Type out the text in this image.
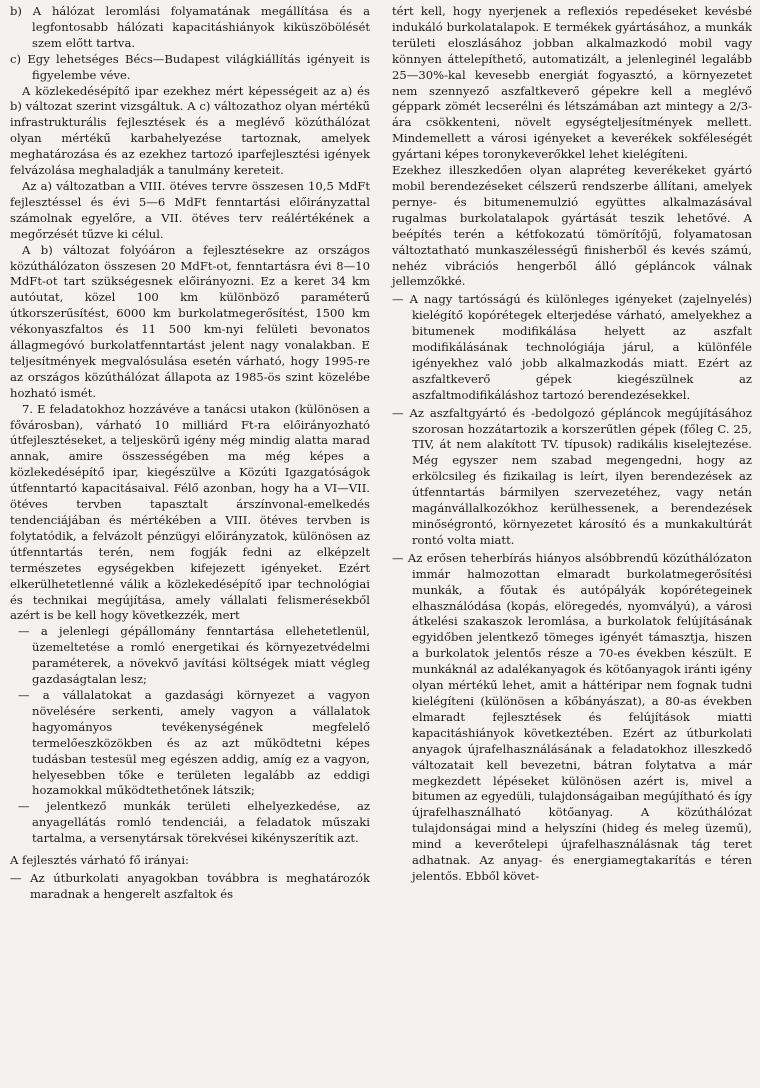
b) A hálózat leromlási folyamatának megállítása és a legfontosabb hálózati kapacitáshiányok kiküszöbölését szem előtt tartva.

c) Egy lehetséges Bécs—Budapest világkiállítás igényeit is figyelembe véve.

A közlekedésépítő ipar ezekhez mért képességeit az a) és b) változat szerint vizsgáltuk. A c) változathoz olyan mértékű infrastrukturális fejlesztések és a meglévő közúthálózat olyan mértékű karbahelyezése tartoznak, amelyek meghatározása és az ezekhez tartozó iparfejlesztési igények felvázolása meghaladják a tanulmány kereteit.

Az a) változatban a VIII. ötéves tervre összesen 10,5 MdFt fejlesztéssel és évi 5—6 MdFt fenntartási előirányzattal számolnak egyelőre, a VII. ötéves terv reálértékének a megőrzését tűzve ki célul.

A b) változat folyóáron a fejlesztésekre az országos közúthálózaton összesen 20 MdFt-ot, fenntartásra évi 8—10 MdFt-ot tart szükségesnek előirányozni. Ez a keret 34 km autóutat, közel 100 km különböző paraméterű útkorszerűsítést, 6000 km burkolatmegerősítést, 1500 km vékonyaszfaltos és 11 500 km-nyi felületi bevonatos állagmegóvó burkolatfenntartást jelent nagy vonalakban. E teljesítmények megvalósulása esetén várható, hogy 1995-re az országos közúthálózat állapota az 1985-ös szint közelébe hozható ismét.

7. E feladatokhoz hozzávéve a tanácsi utakon (különösen a fővárosban), várható 10 milliárd Ft-ra előirányozható útfejlesztéseket, a teljeskörű igény még mindig alatta marad annak, amire összességében ma még képes a közlekedésépítő ipar, kiegészülve a Közúti Igazgatóságok útfenntartó kapacitásaival. Félő azonban, hogy ha a VI—VII. ötéves tervben tapasztalt árszínvonal-emelkedés tendenciájában és mértékében a VIII. ötéves tervben is folytatódik, a felvázolt pénzügyi előirányzatok, különösen az útfenntartás terén, nem fogják fedni az elképzelt természetes egységekben kifejezett igényeket. Ezért elkerülhetetlenné válik a közlekedésépítő ipar technológiai és technikai megújítása, amely vállalati felismerésekből azért is be kell hogy következzék, mert

— a jelenlegi gépállomány fenntartása ellehetetlenül, üzemeltetése a romló energetikai és környezetvédelmi paraméterek, a növekvő javítási költségek miatt végleg gazdaságtalan lesz;

— a vállalatokat a gazdasági környezet a vagyon növelésére serkenti, amely vagyon a vállalatok hagyományos tevékenységének megfelelő termelőeszközökben és az azt működtetni képes tudásban testesül meg egészen addig, amíg ez a vagyon, helyesebben tőke e területen legalább az eddigi hozamokkal működtethetőnek látszik;

— jelentkező munkák területi elhelyezkedése, az anyagellátás romló tendenciái, a feladatok műszaki tartalma, a versenytársak törekvései kikényszerítik azt.

A fejlesztés várható fő irányai:

— Az útburkolati anyagokban továbbra is meghatározók maradnak a hengerelt aszfaltok és

tért kell, hogy nyerjenek a reflexiós repedéseket kevésbé indukáló burkolatalapok. E termékek gyártásához, a munkák területi eloszlásához jobban alkalmazkodó mobil vagy könnyen áttelepíthető, automatizált, a jelenleginél legalább 25—30%-kal kevesebb energiát fogyasztó, a környezetet nem szennyező aszfaltkeverő gépekre kell a meglévő géppark zömét lecserélni és létszámában azt mintegy a 2/3-ára csökkenteni, növelt egységteljesítmények mellett. Mindemellett a városi igényeket a keverékek sokféleségét gyártani képes toronykeverőkkel lehet kielégíteni.

Ezekhez illeszkedően olyan alapréteg keverékeket gyártó mobil berendezéseket célszerű rendszerbe állítani, amelyek pernye- és bitumenemulzió együttes alkalmazásával rugalmas burkolatalapok gyártását teszik lehetővé. A beépítés terén a kétfokozatú tömörítőjű, folyamatosan változtatható munkaszélességű finisherből és kevés számú, nehéz vibrációs hengerből álló gépláncok válnak jellemzőkké.

— A nagy tartósságú és különleges igényeket (zajelnyelés) kielégítő kopórétegek elterjedése várható, amelyekhez a bitumenek modifikálása helyett az aszfalt modifikálásának technológiája járul, a különféle igényekhez való jobb alkalmazkodás miatt. Ezért az aszfaltkeverő gépek kiegészülnek az aszfaltmodifikáláshoz tartozó berendezésekkel.

— Az aszfaltgyártó és -bedolgozó gépláncok megújításához szorosan hozzátartozik a korszerűtlen gépek (főleg C. 25, TIV, át nem alakított TV. típusok) radikális kiselejtezése. Még egyszer nem szabad megengedni, hogy az erkölcsileg és fizikailag is leírt, ilyen berendezések az útfenntartás bármilyen szervezetéhez, vagy netán magánvállalkozókhoz kerülhessenek, a berendezések minőségrontó, környezetet károsító és a munkakultúrát rontó volta miatt.

— Az erősen teherbírás hiányos alsóbbrendű közúthálózaton immár halmozottan elmaradt burkolatmegerősítési munkák, a főutak és autópályák kopórétegeinek elhasználódása (kopás, elöregedés, nyomvályú), a városi átkelési szakaszok leromlása, a burkolatok felújításának egyidőben jelentkező tömeges igényét támasztja, hiszen a burkolatok jelentős része a 70-es években készült. E munkáknál az adalékanyagok és kötőanyagok iránti igény olyan mértékű lehet, amit a háttéripar nem fognak tudni kielégíteni (különösen a kőbányászat), a 80-as években elmaradt fejlesztések és felújítások miatti kapacitáshiányok következtében. Ezért az útburkolati anyagok újrafelhasználásának a feladatokhoz illeszkedő változatait kell bevezetni, bátran folytatva a már megkezdett lépéseket különösen azért is, mivel a bitumen az egyedüli, tulajdonságaiban megújítható és így újrafelhasználható kötőanyag. A közúthálózat tulajdonságai mind a helyszíni (hideg és meleg üzemű), mind a keverőtelepi újrafelhasználásnak tág teret adhatnak. Az anyag- és energiamegtakarítás e téren jelentős. Ebből követ-
